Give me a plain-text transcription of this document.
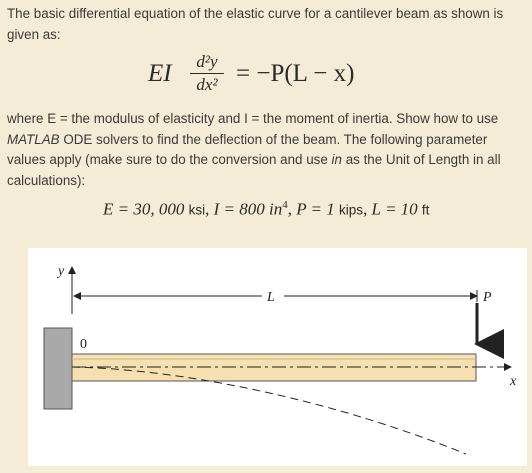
The basic differential equation of the elastic curve for a cantilever beam as shown is given as:

EI	d²y
dx² = −P(L − x)

where E = the modulus of elasticity and I = the moment of inertia. Show how to use MATLAB ODE solvers to find the deflection of the beam. The following parameter values apply (make sure to do the conversion and use in as the Unit of Length in all calculations):

E = 30, 000 ksi, I = 800 $in^4$, P = 1 kips, L = 10 ft
y
L	P
0
x
